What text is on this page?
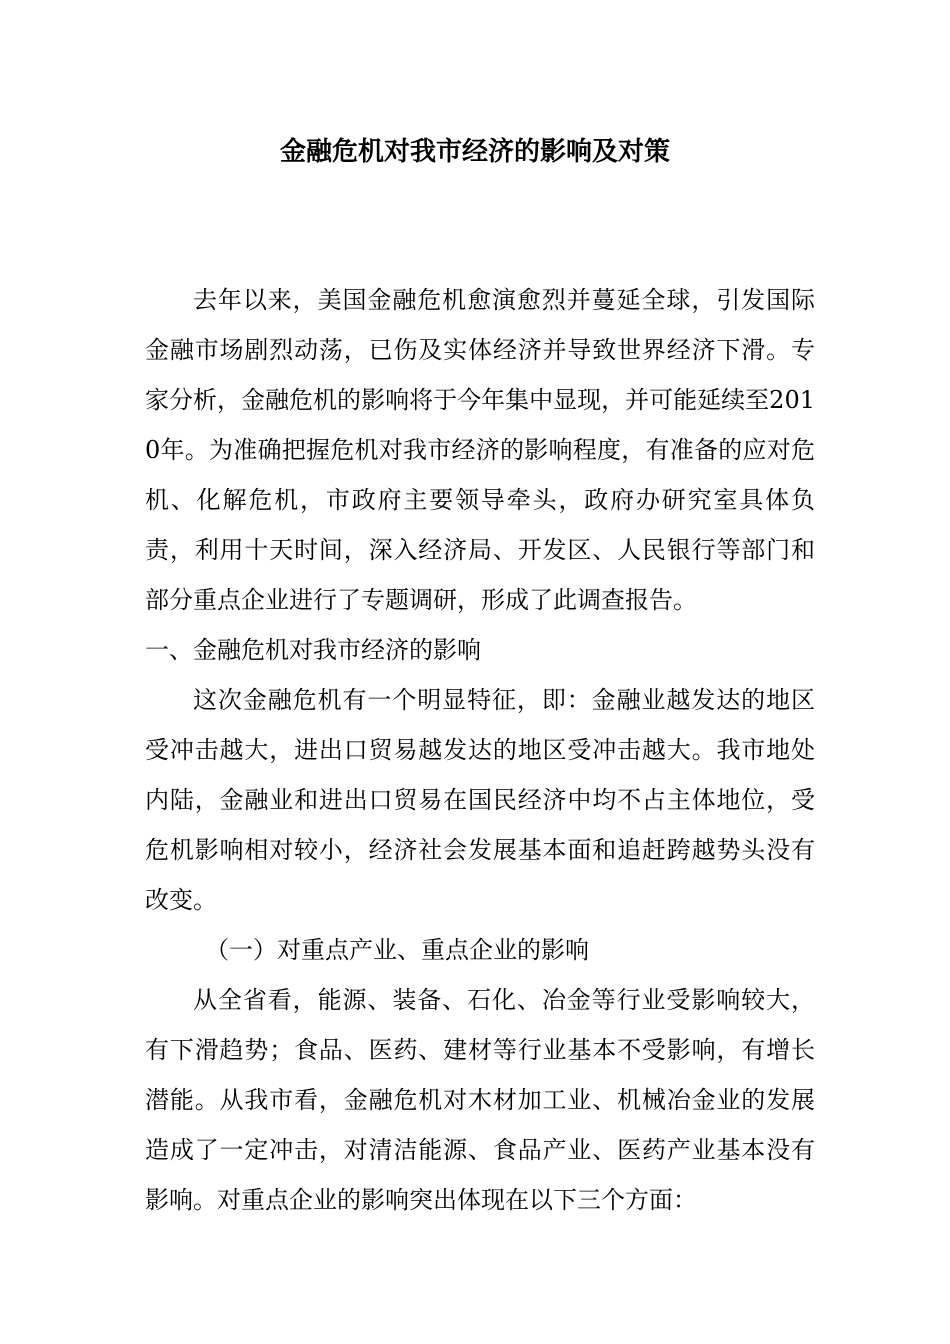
金融危机对我市经济的影响及对策

去年以来，美国金融危机愈演愈烈并蔓延全球，引发国际金融市场剧烈动荡，已伤及实体经济并导致世界经济下滑。专家分析，金融危机的影响将于今年集中显现，并可能延续至2010年。为准确把握危机对我市经济的影响程度，有准备的应对危机、化解危机，市政府主要领导牵头，政府办研究室具体负责，利用十天时间，深入经济局、开发区、人民银行等部门和部分重点企业进行了专题调研，形成了此调查报告。

一、金融危机对我市经济的影响

这次金融危机有一个明显特征，即：金融业越发达的地区受冲击越大，进出口贸易越发达的地区受冲击越大。我市地处内陆，金融业和进出口贸易在国民经济中均不占主体地位，受危机影响相对较小，经济社会发展基本面和追赶跨越势头没有改变。

（一）对重点产业、重点企业的影响

从全省看，能源、装备、石化、冶金等行业受影响较大，有下滑趋势；食品、医药、建材等行业基本不受影响，有增长潜能。从我市看，金融危机对木材加工业、机械冶金业的发展造成了一定冲击，对清洁能源、食品产业、医药产业基本没有影响。对重点企业的影响突出体现在以下三个方面：
